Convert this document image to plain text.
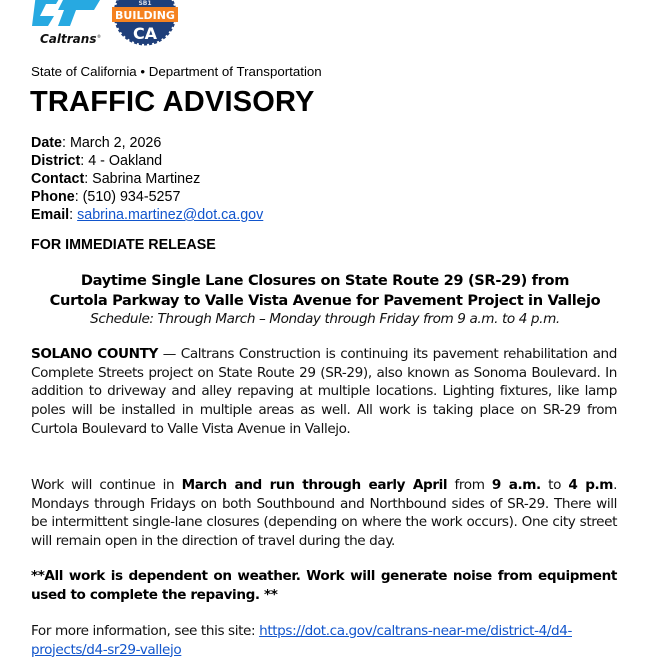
Caltrans ®
SB1
BUILDING
CA
State of California • Department of Transportation
TRAFFIC ADVISORY
Date: March 2, 2026
District: 4 - Oakland
Contact: Sabrina Martinez
Phone: (510) 934-5257
Email: sabrina.martinez@dot.ca.gov
FOR IMMEDIATE RELEASE
Daytime Single Lane Closures on State Route 29 (SR-29) from
Curtola Parkway to Valle Vista Avenue for Pavement Project in Vallejo
Schedule: Through March – Monday through Friday from 9 a.m. to 4 p.m.
SOLANO COUNTY — Caltrans Construction is continuing its pavement rehabilitation and Complete Streets project on State Route 29 (SR-29), also known as Sonoma Boulevard. In addition to driveway and alley repaving at multiple locations. Lighting fixtures, like lamp poles will be installed in multiple areas as well. All work is taking place on SR-29 from Curtola Boulevard to Valle Vista Avenue in Vallejo.
Work will continue in March and run through early April from 9 a.m. to 4 p.m. Mondays through Fridays on both Southbound and Northbound sides of SR-29. There will be intermittent single-lane closures (depending on where the work occurs). One city street will remain open in the direction of travel during the day.
**All work is dependent on weather. Work will generate noise from equipment used to complete the repaving. **
For more information, see this site: https://dot.ca.gov/caltrans-near-me/district-4/d4-projects/d4-sr29-vallejo
